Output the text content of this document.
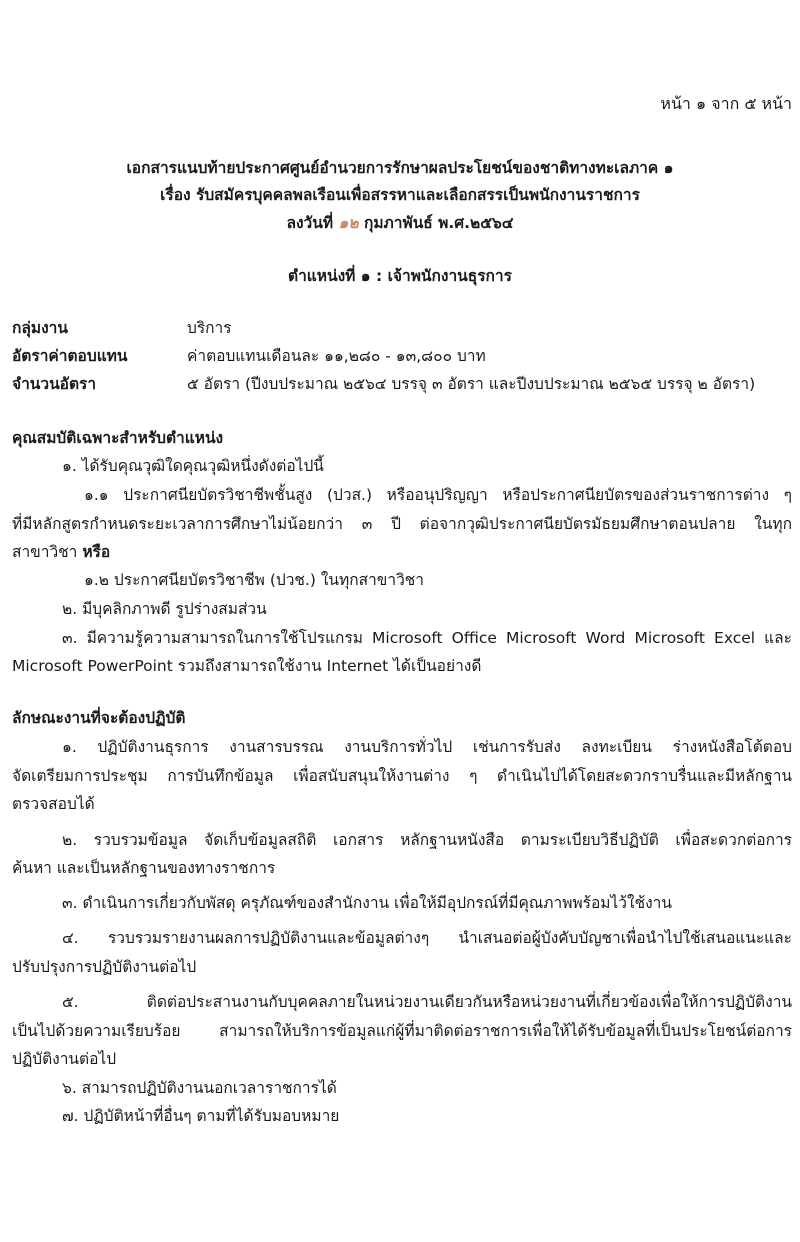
หน้า ๑ จาก ๕ หน้า
เอกสารแนบท้ายประกาศศูนย์อำนวยการรักษาผลประโยชน์ของชาติทางทะเลภาค ๑
เรื่อง รับสมัครบุคคลพลเรือนเพื่อสรรหาและเลือกสรรเป็นพนักงานราชการ
ลงวันที่ ๑๒ กุมภาพันธ์ พ.ศ.๒๕๖๔
ตำแหน่งที่ ๑ : เจ้าพนักงานธุรการ
กลุ่มงาน	บริการ
อัตราค่าตอบแทน	ค่าตอบแทนเดือนละ ๑๑,๒๘๐ - ๑๓,๘๐๐ บาท
จำนวนอัตรา	๕ อัตรา (ปีงบประมาณ ๒๕๖๔ บรรจุ ๓ อัตรา และปีงบประมาณ ๒๕๖๕ บรรจุ ๒ อัตรา)
คุณสมบัติเฉพาะสำหรับตำแหน่ง
๑. ได้รับคุณวุฒิใดคุณวุฒิหนึ่งดังต่อไปนี้
๑.๑ ประกาศนียบัตรวิชาชีพชั้นสูง (ปวส.) หรืออนุปริญญา หรือประกาศนียบัตรของส่วนราชการต่าง ๆ
ที่มีหลักสูตรกำหนดระยะเวลาการศึกษาไม่น้อยกว่า ๓ ปี ต่อจากวุฒิประกาศนียบัตรมัธยมศึกษาตอนปลาย ในทุก
สาขาวิชา หรือ
๑.๒ ประกาศนียบัตรวิชาชีพ (ปวช.) ในทุกสาขาวิชา
๒. มีบุคลิกภาพดี รูปร่างสมส่วน
๓. มีความรู้ความสามารถในการใช้โปรแกรม Microsoft Office Microsoft Word Microsoft Excel และ
Microsoft PowerPoint รวมถึงสามารถใช้งาน Internet ได้เป็นอย่างดี
ลักษณะงานที่จะต้องปฏิบัติ
๑. ปฏิบัติงานธุรการ งานสารบรรณ งานบริการทั่วไป เช่นการรับส่ง ลงทะเบียน ร่างหนังสือโต้ตอบ
จัดเตรียมการประชุม การบันทึกข้อมูล เพื่อสนับสนุนให้งานต่าง ๆ ดำเนินไปได้โดยสะดวกราบรื่นและมีหลักฐาน
ตรวจสอบได้
๒. รวบรวมข้อมูล จัดเก็บข้อมูลสถิติ เอกสาร หลักฐานหนังสือ ตามระเบียบวิธีปฏิบัติ เพื่อสะดวกต่อการ
ค้นหา และเป็นหลักฐานของทางราชการ
๓. ดำเนินการเกี่ยวกับพัสดุ ครุภัณฑ์ของสำนักงาน เพื่อให้มีอุปกรณ์ที่มีคุณภาพพร้อมไว้ใช้งาน
๔. รวบรวมรายงานผลการปฏิบัติงานและข้อมูลต่างๆ นำเสนอต่อผู้บังคับบัญชาเพื่อนำไปใช้เสนอแนะและ
ปรับปรุงการปฏิบัติงานต่อไป
๕. ติดต่อประสานงานกับบุคคลภายในหน่วยงานเดียวกันหรือหน่วยงานที่เกี่ยวข้องเพื่อให้การปฏิบัติงาน
เป็นไปด้วยความเรียบร้อย สามารถให้บริการข้อมูลแก่ผู้ที่มาติดต่อราชการเพื่อให้ได้รับข้อมูลที่เป็นประโยชน์ต่อการ
ปฏิบัติงานต่อไป
๖. สามารถปฏิบัติงานนอกเวลาราชการได้
๗. ปฏิบัติหน้าที่อื่นๆ ตามที่ได้รับมอบหมาย
